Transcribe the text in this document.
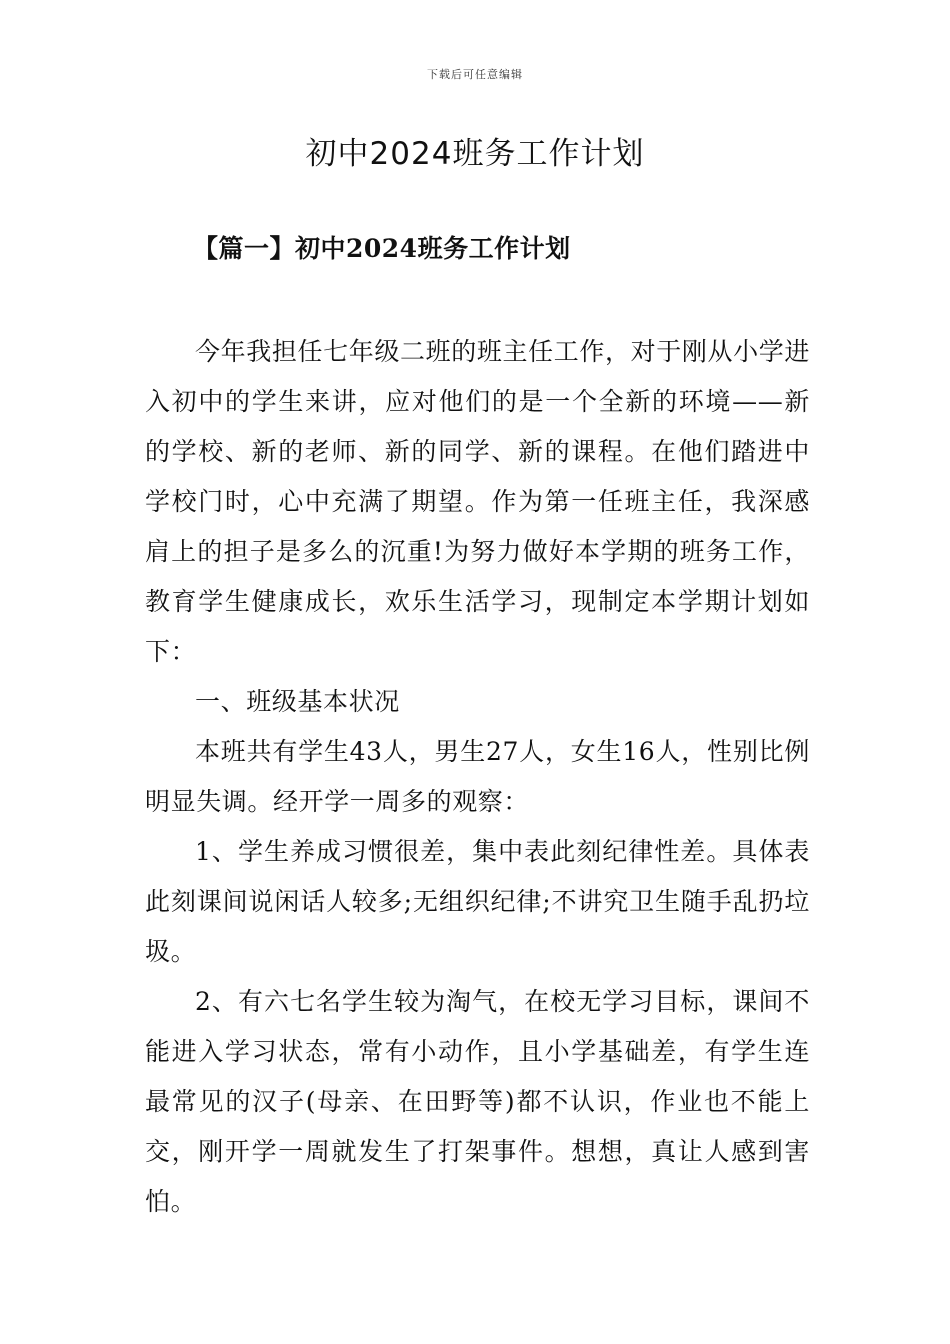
下载后可任意编辑
初中2024班务工作计划
【篇一】初中2024班务工作计划

今年我担任七年级二班的班主任工作，对于刚从小学进入初中的学生来讲，应对他们的是一个全新的环境——新的学校、新的老师、新的同学、新的课程。在他们踏进中学校门时，心中充满了期望。作为第一任班主任，我深感肩上的担子是多么的沉重!为努力做好本学期的班务工作，教育学生健康成长，欢乐生活学习，现制定本学期计划如下：

一、班级基本状况

本班共有学生43人，男生27人，女生16人，性别比例明显失调。经开学一周多的观察：

1、学生养成习惯很差，集中表此刻纪律性差。具体表此刻课间说闲话人较多;无组织纪律;不讲究卫生随手乱扔垃圾。

2、有六七名学生较为淘气，在校无学习目标，课间不能进入学习状态，常有小动作，且小学基础差，有学生连最常见的汉子(母亲、在田野等)都不认识，作业也不能上交，刚开学一周就发生了打架事件。想想，真让人感到害怕。
